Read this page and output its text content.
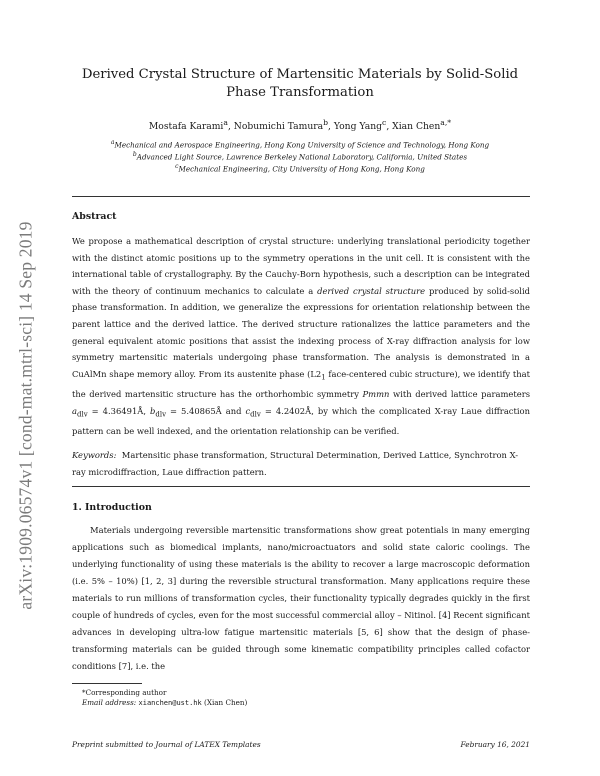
arXiv:1909.06574v1 [cond-mat.mtrl-sci] 14 Sep 2019
Derived Crystal Structure of Martensitic Materials by Solid-Solid Phase Transformation
Mostafa Karami$^a$, Nobumichi Tamura$^b$, Yong Yang$^c$, Xian Chen$^{a,*}$
$^a$Mechanical and Aerospace Engineering, Hong Kong University of Science and Technology, Hong Kong
$^b$Advanced Light Source, Lawrence Berkeley National Laboratory, California, United States
$^c$Mechanical Engineering, City University of Hong Kong, Hong Kong
Abstract

We propose a mathematical description of crystal structure: underlying translational periodicity together with the distinct atomic positions up to the symmetry operations in the unit cell. It is consistent with the international table of crystallography. By the Cauchy-Born hypothesis, such a description can be integrated with the theory of continuum mechanics to calculate a derived crystal structure produced by solid-solid phase transformation. In addition, we generalize the expressions for orientation relationship between the parent lattice and the derived lattice. The derived structure rationalizes the lattice parameters and the general equivalent atomic positions that assist the indexing process of X-ray diffraction analysis for low symmetry martensitic materials undergoing phase transformation. The analysis is demonstrated in a CuAlMn shape memory alloy. From its austenite phase ($L2_1$ face-centered cubic structure), we identify that the derived martensitic structure has the orthorhombic symmetry Pmmn with derived lattice parameters $a_{dlv}$ = 4.36491Å, $b_{dlv}$ = 5.40865Å and $c_{dlv}$ = 4.2402Å, by which the complicated X-ray Laue diffraction pattern can be well indexed, and the orientation relationship can be verified.

Keywords: Martensitic phase transformation, Structural Determination, Derived Lattice, Synchrotron X-ray microdiffraction, Laue diffraction pattern.
1. Introduction

Materials undergoing reversible martensitic transformations show great potentials in many emerging applications such as biomedical implants, nano/microactuators and solid state caloric coolings. The underlying functionality of using these materials is the ability to recover a large macroscopic deformation (i.e. 5% – 10%) [1, 2, 3] during the reversible structural transformation. Many applications require these materials to run millions of transformation cycles, their functionality typically degrades quickly in the first couple of hundreds of cycles, even for the most successful commercial alloy – Nitinol. [4] Recent significant advances in developing ultra-low fatigue martensitic materials [5, 6] show that the design of phase-transforming materials can be guided through some kinematic compatibility principles called cofactor conditions [7], i.e. the

*Corresponding author
Email address: xianchen@ust.hk (Xian Chen)
Preprint submitted to Journal of LATEX Templates	February 16, 2021
